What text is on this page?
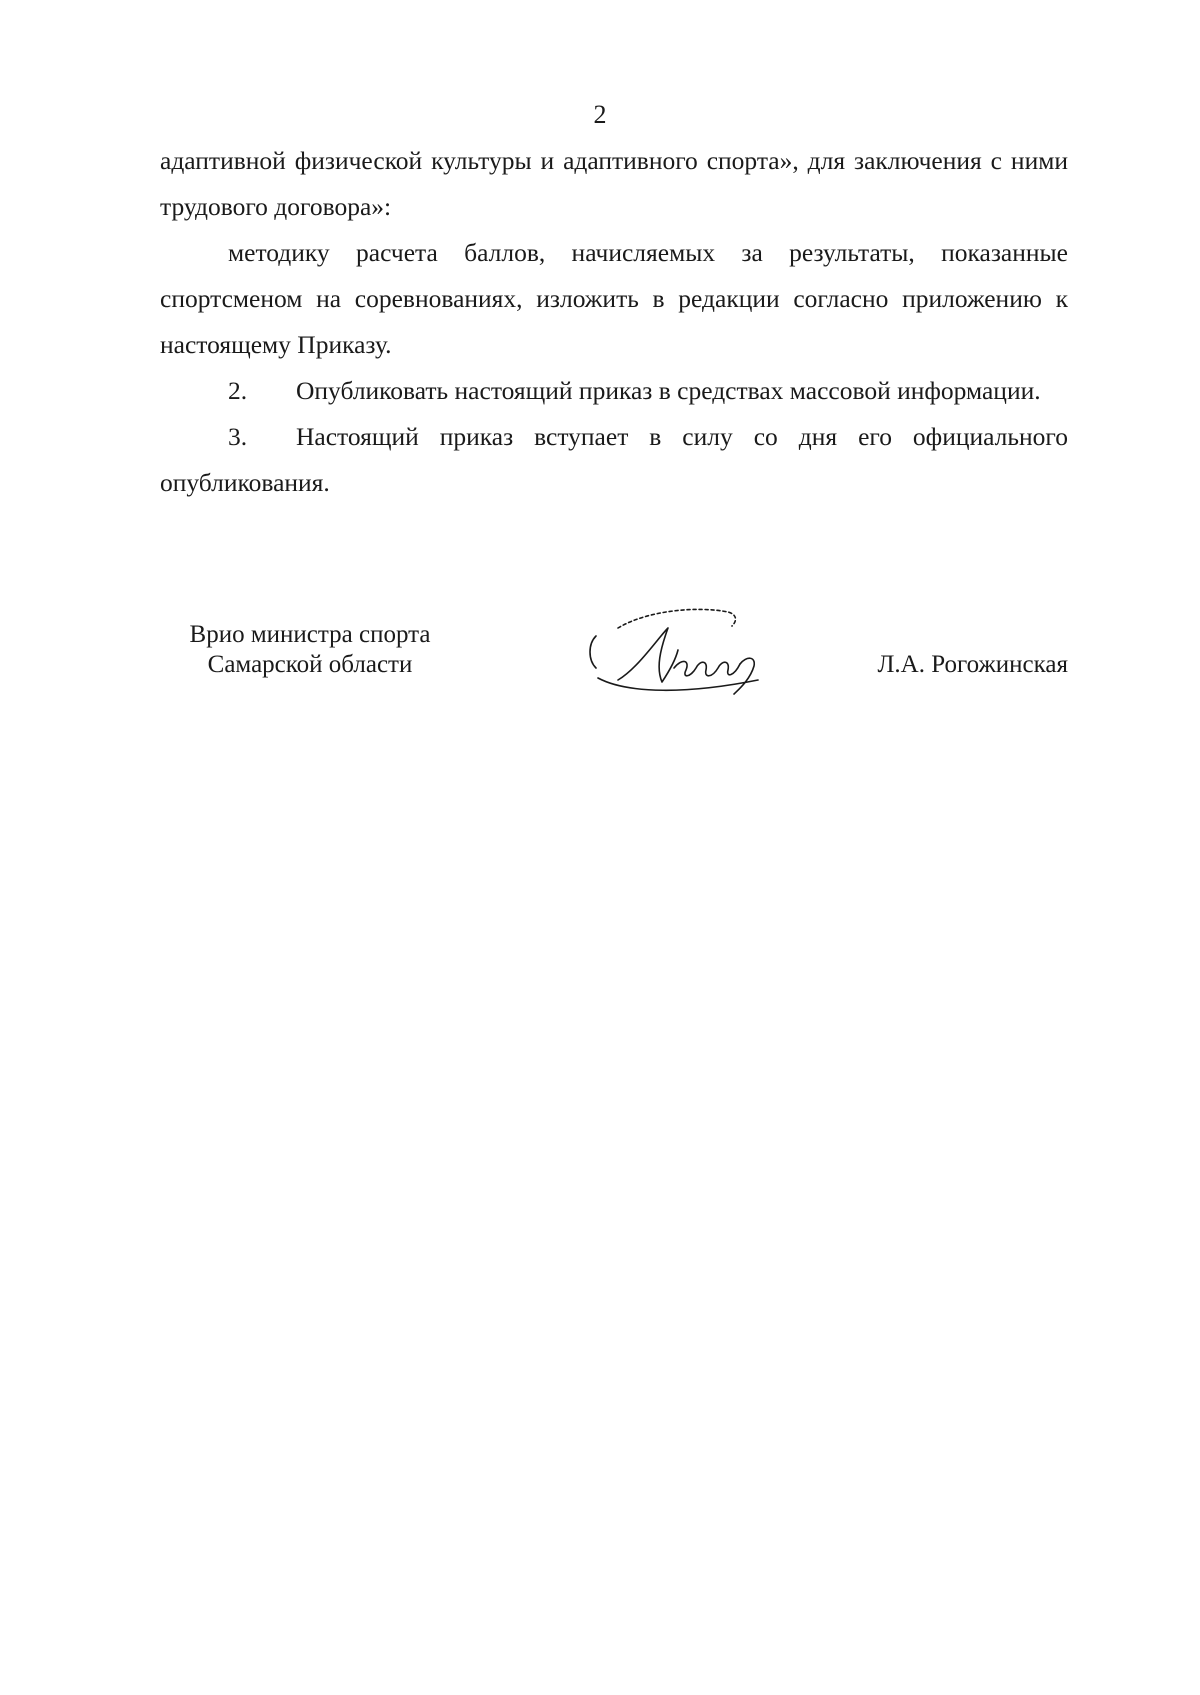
2

адаптивной физической культуры и адаптивного спорта», для заключения с ними трудового договора»:

методику расчета баллов, начисляемых за результаты, показанные спортсменом на соревнованиях, изложить в редакции согласно приложению к настоящему Приказу.

2. Опубликовать настоящий приказ в средствах массовой информации.

3. Настоящий приказ вступает в силу со дня его официального опубликования.

Врио министра спорта
Самарской области	Л.А. Рогожинская
